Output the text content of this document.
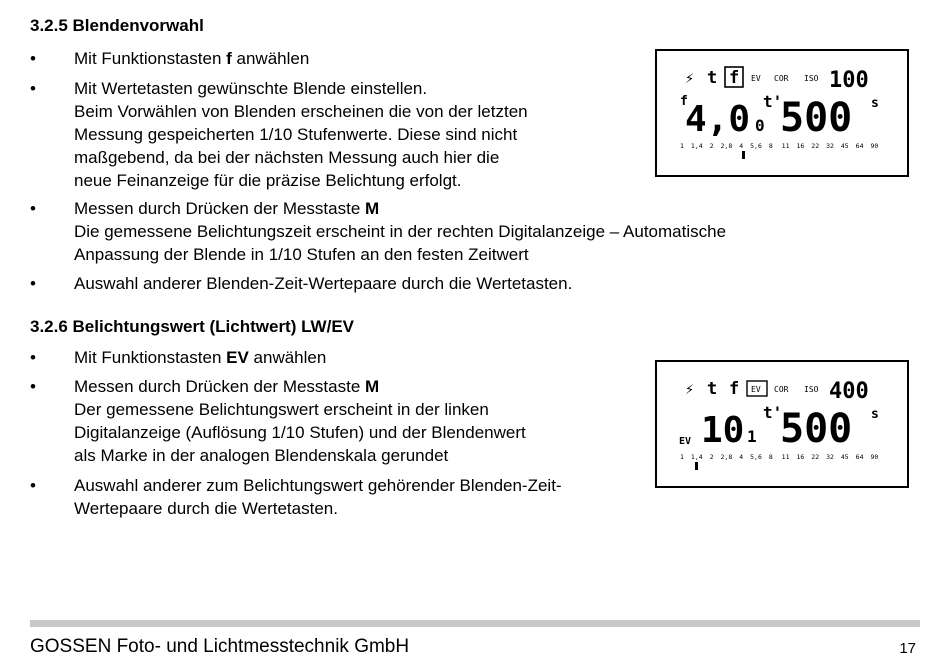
3.2.5 Blendenvorwahl
•	Mit Funktionstasten f anwählen
•	Mit Wertetasten gewünschte Blende einstellen.
Beim Vorwählen von Blenden erscheinen die von der letzten
Messung gespeicherten 1/10 Stufenwerte. Diese sind nicht
maßgebend, da bei der nächsten Messung auch hier die
neue Feinanzeige für die präzise Belichtung erfolgt.
•	Messen durch Drücken der Messtaste M
Die gemessene Belichtungszeit erscheint in der rechten Digitalanzeige – Automatische
Anpassung der Blende in 1/10 Stufen an den festen Zeitwert
•	Auswahl anderer Blenden-Zeit-Wertepaare durch die Wertetasten.
3.2.6 Belichtungswert (Lichtwert) LW/EV
•	Mit Funktionstasten EV anwählen
•	Messen durch Drücken der Messtaste M
Der gemessene Belichtungswert erscheint in der linken
Digitalanzeige (Auflösung 1/10 Stufen) und der Blendenwert
als Marke in der analogen Blendenskala gerundet
•	Auswahl anderer zum Belichtungswert gehörender Blenden-Zeit-
Wertepaare durch die Wertetasten.
⚡ t f EV COR ISO 100
f
4,0 0
t'
500 s
1 1,4 2 2,8 4 5,6 8 11 16 22 32 45 64 90
⚡ t f EV COR ISO 400
EV 10 1
t'
500 s
1 1,4 2 2,8 4 5,6 8 11 16 22 32 45 64 90
GOSSEN Foto- und Lichtmesstechnik GmbH	17
